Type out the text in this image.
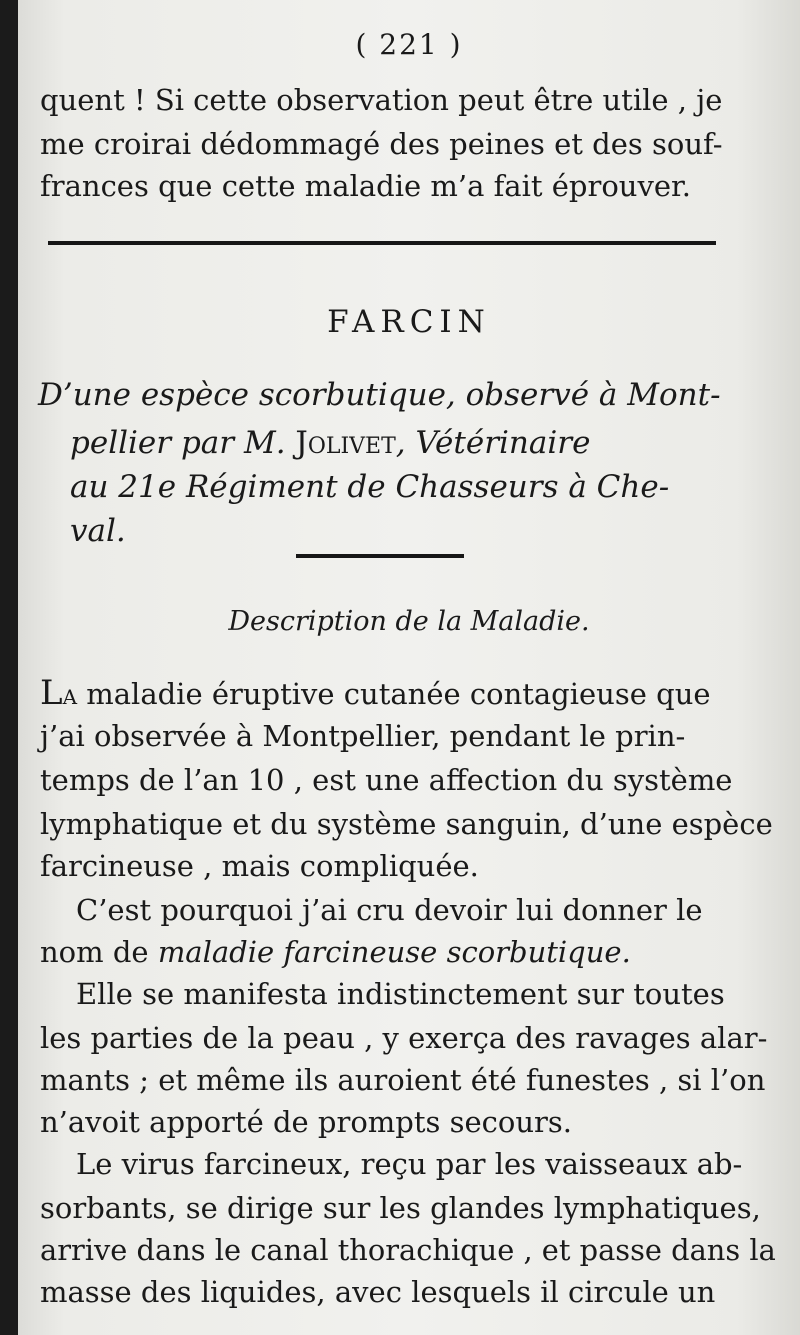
( 221 )
quent ! Si cette observation peut être utile , je
me croirai dédommagé des peines et des souf-
frances que cette maladie m’a fait éprouver.
FARCIN
D’une espèce scorbutique, observé à Mont-
pellier par M. Jolivet, Vétérinaire
au 21e Régiment de Chasseurs à Che-
val.
Description de la Maladie.
La maladie éruptive cutanée contagieuse que
j’ai observée à Montpellier, pendant le prin-
temps de l’an 10 , est une affection du système
lymphatique et du système sanguin, d’une espèce
farcineuse , mais compliquée.
C’est pourquoi j’ai cru devoir lui donner le
nom de maladie farcineuse scorbutique.
Elle se manifesta indistinctement sur toutes
les parties de la peau , y exerça des ravages alar-
mants ; et même ils auroient été funestes , si l’on
n’avoit apporté de prompts secours.
Le virus farcineux, reçu par les vaisseaux ab-
sorbants, se dirige sur les glandes lymphatiques,
arrive dans le canal thorachique , et passe dans la
masse des liquides, avec lesquels il circule un
